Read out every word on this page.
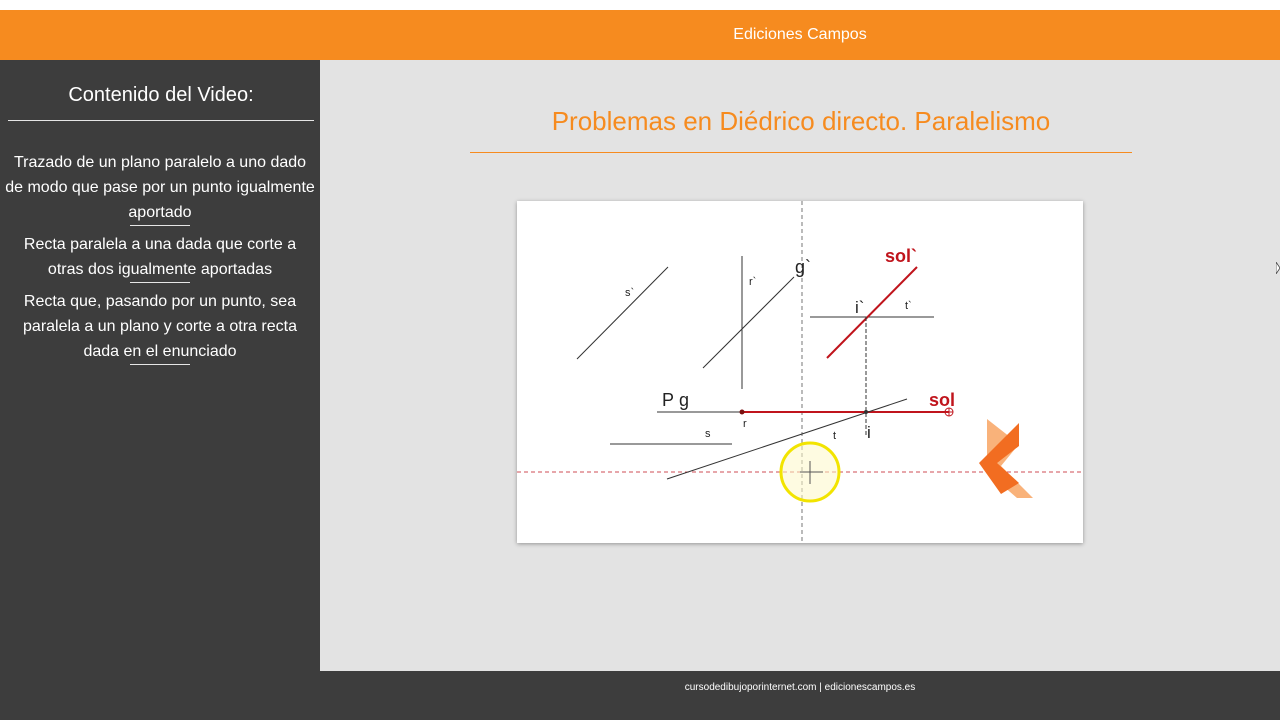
Ediciones Campos
Contenido del Video:
Trazado de un plano paralelo a uno dado de modo que pase por un punto igualmente aportado
Recta paralela a una dada que corte a otras dos igualmente aportadas
Recta que, pasando por un punto, sea paralela a un plano y corte a otra recta dada en el enunciado
Problemas en Diédrico directo. Paralelismo
s`
r`
g`
t`
sol`
i`
P g	sol
r
s	t i
cursodedibujoporinternet.com | edicionescampos.es
